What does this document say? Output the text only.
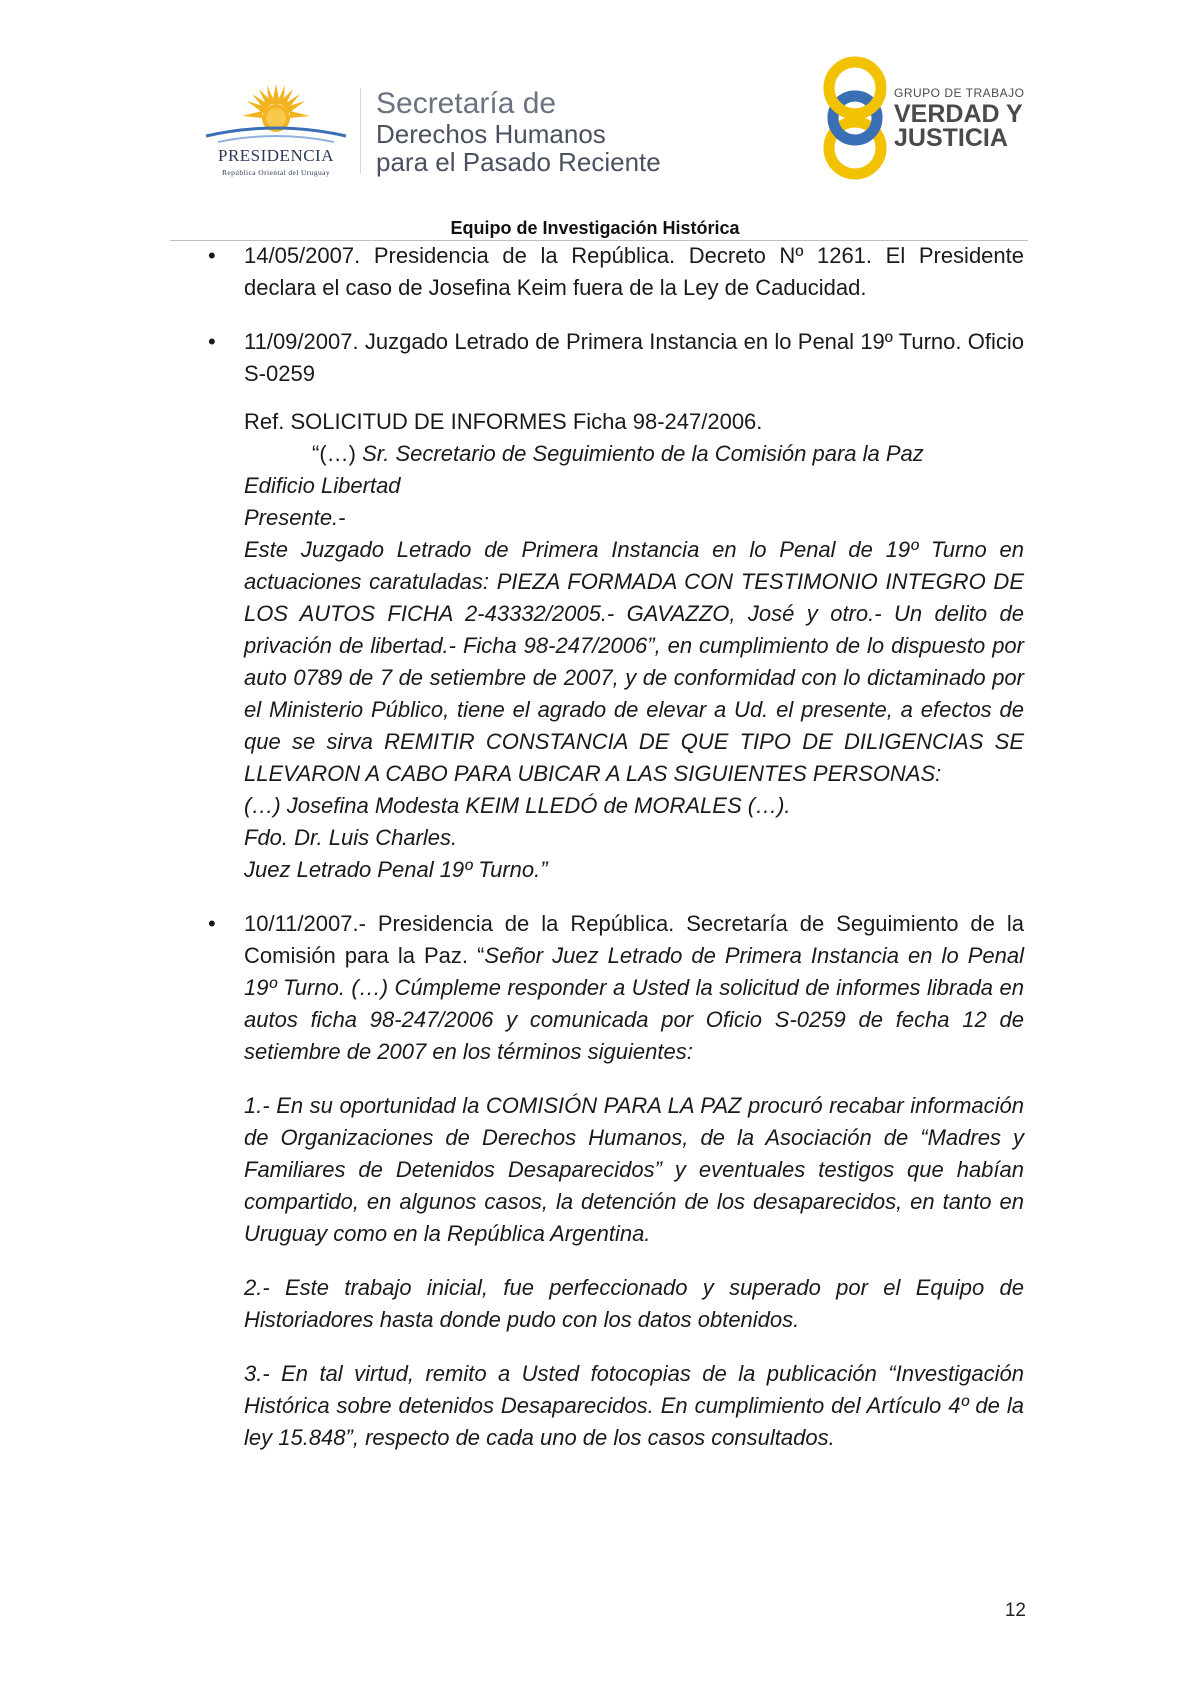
PRESIDENCIA
República Oriental del Uruguay
Secretaría de
Derechos Humanos
para el Pasado Reciente
GRUPO DE TRABAJO
VERDAD Y
JUSTICIA
Equipo de Investigación Histórica
• 14/05/2007. Presidencia de la República. Decreto Nº 1261. El Presidente declara el caso de Josefina Keim fuera de la Ley de Caducidad.

• 11/09/2007. Juzgado Letrado de Primera Instancia en lo Penal 19º Turno. Oficio S-0259

Ref. SOLICITUD DE INFORMES Ficha 98-247/2006.

“(…) Sr. Secretario de Seguimiento de la Comisión para la Paz

Edificio Libertad

Presente.-

Este Juzgado Letrado de Primera Instancia en lo Penal de 19º Turno en actuaciones caratuladas: PIEZA FORMADA CON TESTIMONIO INTEGRO DE LOS AUTOS FICHA 2-43332/2005.- GAVAZZO, José y otro.- Un delito de privación de libertad.- Ficha 98-247/2006”, en cumplimiento de lo dispuesto por auto 0789 de 7 de setiembre de 2007, y de conformidad con lo dictaminado por el Ministerio Público, tiene el agrado de elevar a Ud. el presente, a efectos de que se sirva REMITIR CONSTANCIA DE QUE TIPO DE DILIGENCIAS SE LLEVARON A CABO PARA UBICAR A LAS SIGUIENTES PERSONAS:

(…) Josefina Modesta KEIM LLEDÓ de MORALES (…).

Fdo. Dr. Luis Charles.

Juez Letrado Penal 19º Turno.”

• 10/11/2007.- Presidencia de la República. Secretaría de Seguimiento de la Comisión para la Paz. “Señor Juez Letrado de Primera Instancia en lo Penal 19º Turno. (…) Cúmpleme responder a Usted la solicitud de informes librada en autos ficha 98-247/2006 y comunicada por Oficio S-0259 de fecha 12 de setiembre de 2007 en los términos siguientes:

1.- En su oportunidad la COMISIÓN PARA LA PAZ procuró recabar información de Organizaciones de Derechos Humanos, de la Asociación de “Madres y Familiares de Detenidos Desaparecidos” y eventuales testigos que habían compartido, en algunos casos, la detención de los desaparecidos, en tanto en Uruguay como en la República Argentina.

2.- Este trabajo inicial, fue perfeccionado y superado por el Equipo de Historiadores hasta donde pudo con los datos obtenidos.

3.- En tal virtud, remito a Usted fotocopias de la publicación “Investigación Histórica sobre detenidos Desaparecidos. En cumplimiento del Artículo 4º de la ley 15.848”, respecto de cada uno de los casos consultados.

12
